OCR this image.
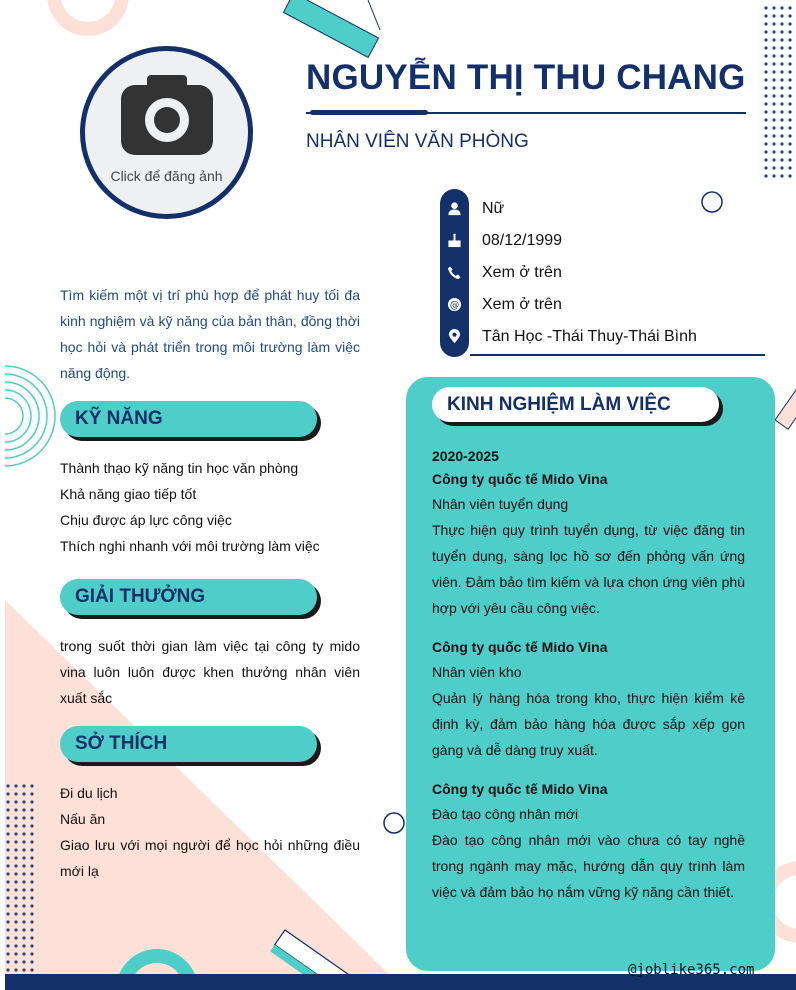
Click để đăng ảnh
NGUYỄN THỊ THU CHANG
NHÂN VIÊN VĂN PHÒNG
@
Nữ
08/12/1999
Xem ở trên
Xem ở trên
Tân Học -Thái Thuy-Thái Bình
Tìm kiếm một vị trí phù hợp để phát huy tối đa kinh nghiệm và kỹ năng của bản thân, đồng thời học hỏi và phát triển trong môi trường làm việc năng động.
KỸ NĂNG
Thành thạo kỹ năng tin học văn phòng
Khả năng giao tiếp tốt
Chịu được áp lực công việc
Thích nghi nhanh với môi trường làm việc
GIẢI THƯỞNG
trong suốt thời gian làm việc tại công ty mido vina luôn luôn được khen thưởng nhân viên xuất sắc
SỞ THÍCH
Đi du lịch
Nấu ăn
Giao lưu với mọi người để học hỏi những điều mới lạ
KINH NGHIỆM LÀM VIỆC
2020-2025
Công ty quốc tế Mido Vina
Nhân viên tuyển dụng
Thực hiện quy trình tuyển dụng, từ việc đăng tin tuyển dụng, sàng lọc hồ sơ đến phỏng vấn ứng viên. Đảm bảo tìm kiếm và lựa chọn ứng viên phù hợp với yêu cầu công việc.
Công ty quốc tế Mido Vina
Nhân viên kho
Quản lý hàng hóa trong kho, thực hiện kiểm kê định kỳ, đảm bảo hàng hóa được sắp xếp gọn gàng và dễ dàng truy xuất.
Công ty quốc tế Mido Vina
Đào tạo công nhân mới
Đào tạo công nhân mới vào chưa có tay nghề trong ngành may mặc, hướng dẫn quy trình làm việc và đảm bảo họ nắm vững kỹ năng cần thiết.
@joblike365.com
